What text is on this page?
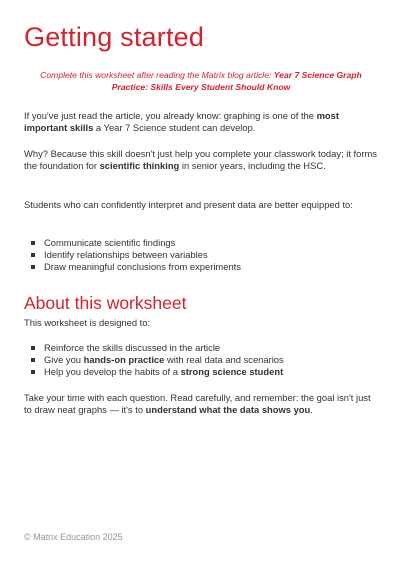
Getting started
Complete this worksheet after reading the Matrix blog article: Year 7 Science Graph Practice: Skills Every Student Should Know

If you've just read the article, you already know: graphing is one of the most important skills a Year 7 Science student can develop.

Why? Because this skill doesn't just help you complete your classwork today; it forms the foundation for scientific thinking in senior years, including the HSC.

Students who can confidently interpret and present data are better equipped to:

Communicate scientific findings
Identify relationships between variables
Draw meaningful conclusions from experiments
About this worksheet

This worksheet is designed to:

Reinforce the skills discussed in the article
Give you hands-on practice with real data and scenarios
Help you develop the habits of a strong science student

Take your time with each question. Read carefully, and remember: the goal isn't just to draw neat graphs — it's to understand what the data shows you.

© Matrix Education 2025
